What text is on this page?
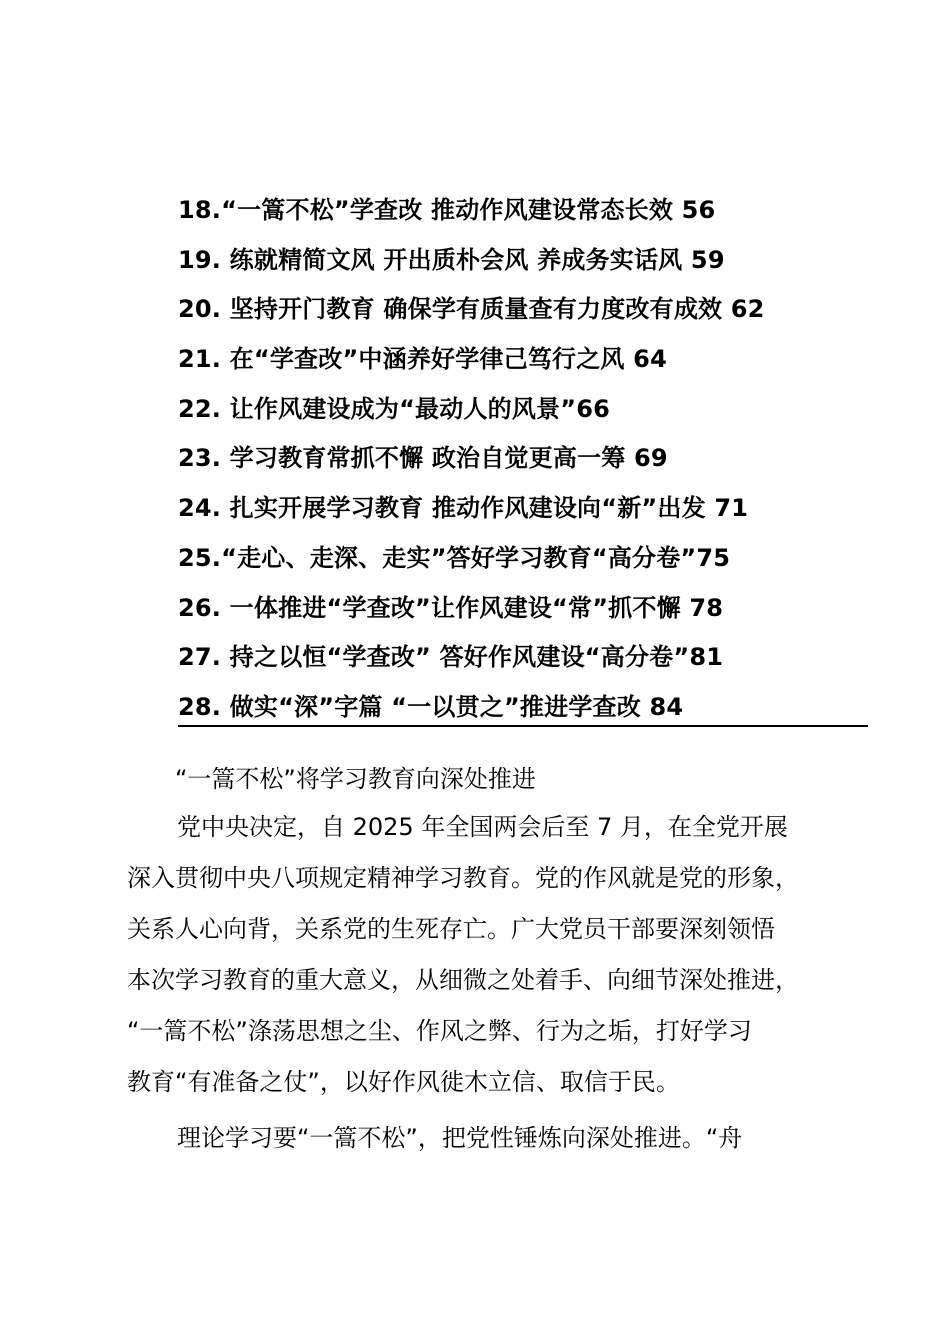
18.“一篙不松”学查改 推动作风建设常态长效 56
19. 练就精简文风 开出质朴会风 养成务实话风 59
20. 坚持开门教育 确保学有质量查有力度改有成效 62
21. 在“学查改”中涵养好学律己笃行之风 64
22. 让作风建设成为“最动人的风景”66
23. 学习教育常抓不懈 政治自觉更高一筹 69
24. 扎实开展学习教育 推动作风建设向“新”出发 71
25.“走心、走深、走实”答好学习教育“高分卷”75
26. 一体推进“学查改”让作风建设“常”抓不懈 78
27. 持之以恒“学查改” 答好作风建设“高分卷”81
28. 做实“深”字篇 “一以贯之”推进学查改 84
“一篙不松”将学习教育向深处推进

党中央决定，自 2025 年全国两会后至 7 月，在全党开展
深入贯彻中央八项规定精神学习教育。党的作风就是党的形象，
关系人心向背，关系党的生死存亡。广大党员干部要深刻领悟
本次学习教育的重大意义，从细微之处着手、向细节深处推进，
“一篙不松”涤荡思想之尘、作风之弊、行为之垢，打好学习
教育“有准备之仗”，以好作风徙木立信、取信于民。

理论学习要“一篙不松”，把党性锤炼向深处推进。“舟
